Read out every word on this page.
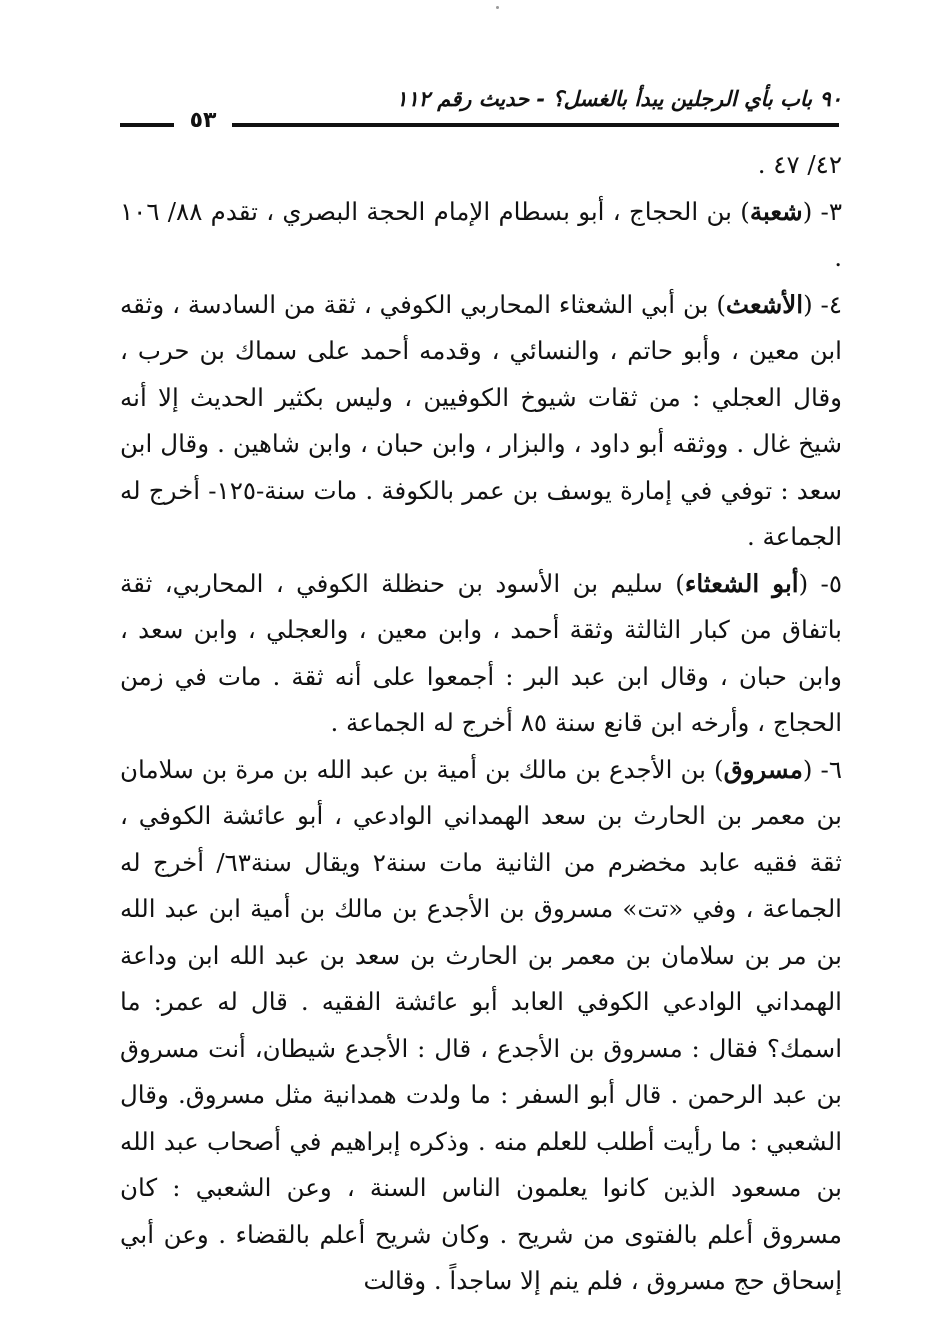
٩٠ باب بأي الرجلين يبدأ بالغسل؟ - حديث رقم ١١٢
٥٣

٤٢/ ٤٧ .

٣- (شعبة) بن الحجاج ، أبو بسطام الإمام الحجة البصري ، تقدم ٨٨/ ١٠٦ .

٤- (الأشعث) بن أبي الشعثاء المحاربي الكوفي ، ثقة من السادسة ، وثقه ابن معين ، وأبو حاتم ، والنسائي ، وقدمه أحمد على سماك بن حرب ، وقال العجلي : من ثقات شيوخ الكوفيين ، وليس بكثير الحديث إلا أنه شيخ غال . ووثقه أبو داود ، والبزار ، وابن حبان ، وابن شاهين . وقال ابن سعد : توفي في إمارة يوسف بن عمر بالكوفة . مات سنة-١٢٥- أخرج له الجماعة .

٥- (أبو الشعثاء) سليم بن الأسود بن حنظلة الكوفي ، المحاربي، ثقة باتفاق من كبار الثالثة وثقة أحمد ، وابن معين ، والعجلي ، وابن سعد ، وابن حبان ، وقال ابن عبد البر : أجمعوا على أنه ثقة . مات في زمن الحجاج ، وأرخه ابن قانع سنة ٨٥ أخرج له الجماعة .

٦- (مسروق) بن الأجدع بن مالك بن أمية بن عبد الله بن مرة بن سلامان بن معمر بن الحارث بن سعد الهمداني الوادعي ، أبو عائشة الكوفي ، ثقة فقيه عابد مخضرم من الثانية مات سنة٢ ويقال سنة٦٣/ أخرج له الجماعة ، وفي «تت» مسروق بن الأجدع بن مالك بن أمية ابن عبد الله بن مر بن سلامان بن معمر بن الحارث بن سعد بن عبد الله ابن وداعة الهمداني الوادعي الكوفي العابد أبو عائشة الفقيه . قال له عمر: ما اسمك؟ فقال : مسروق بن الأجدع ، قال : الأجدع شيطان، أنت مسروق بن عبد الرحمن . قال أبو السفر : ما ولدت همدانية مثل مسروق. وقال الشعبي : ما رأيت أطلب للعلم منه . وذكره إبراهيم في أصحاب عبد الله بن مسعود الذين كانوا يعلمون الناس السنة ، وعن الشعبي : كان مسروق أعلم بالفتوى من شريح . وكان شريح أعلم بالقضاء . وعن أبي إسحاق حج مسروق ، فلم ينم إلا ساجداً . وقالت
